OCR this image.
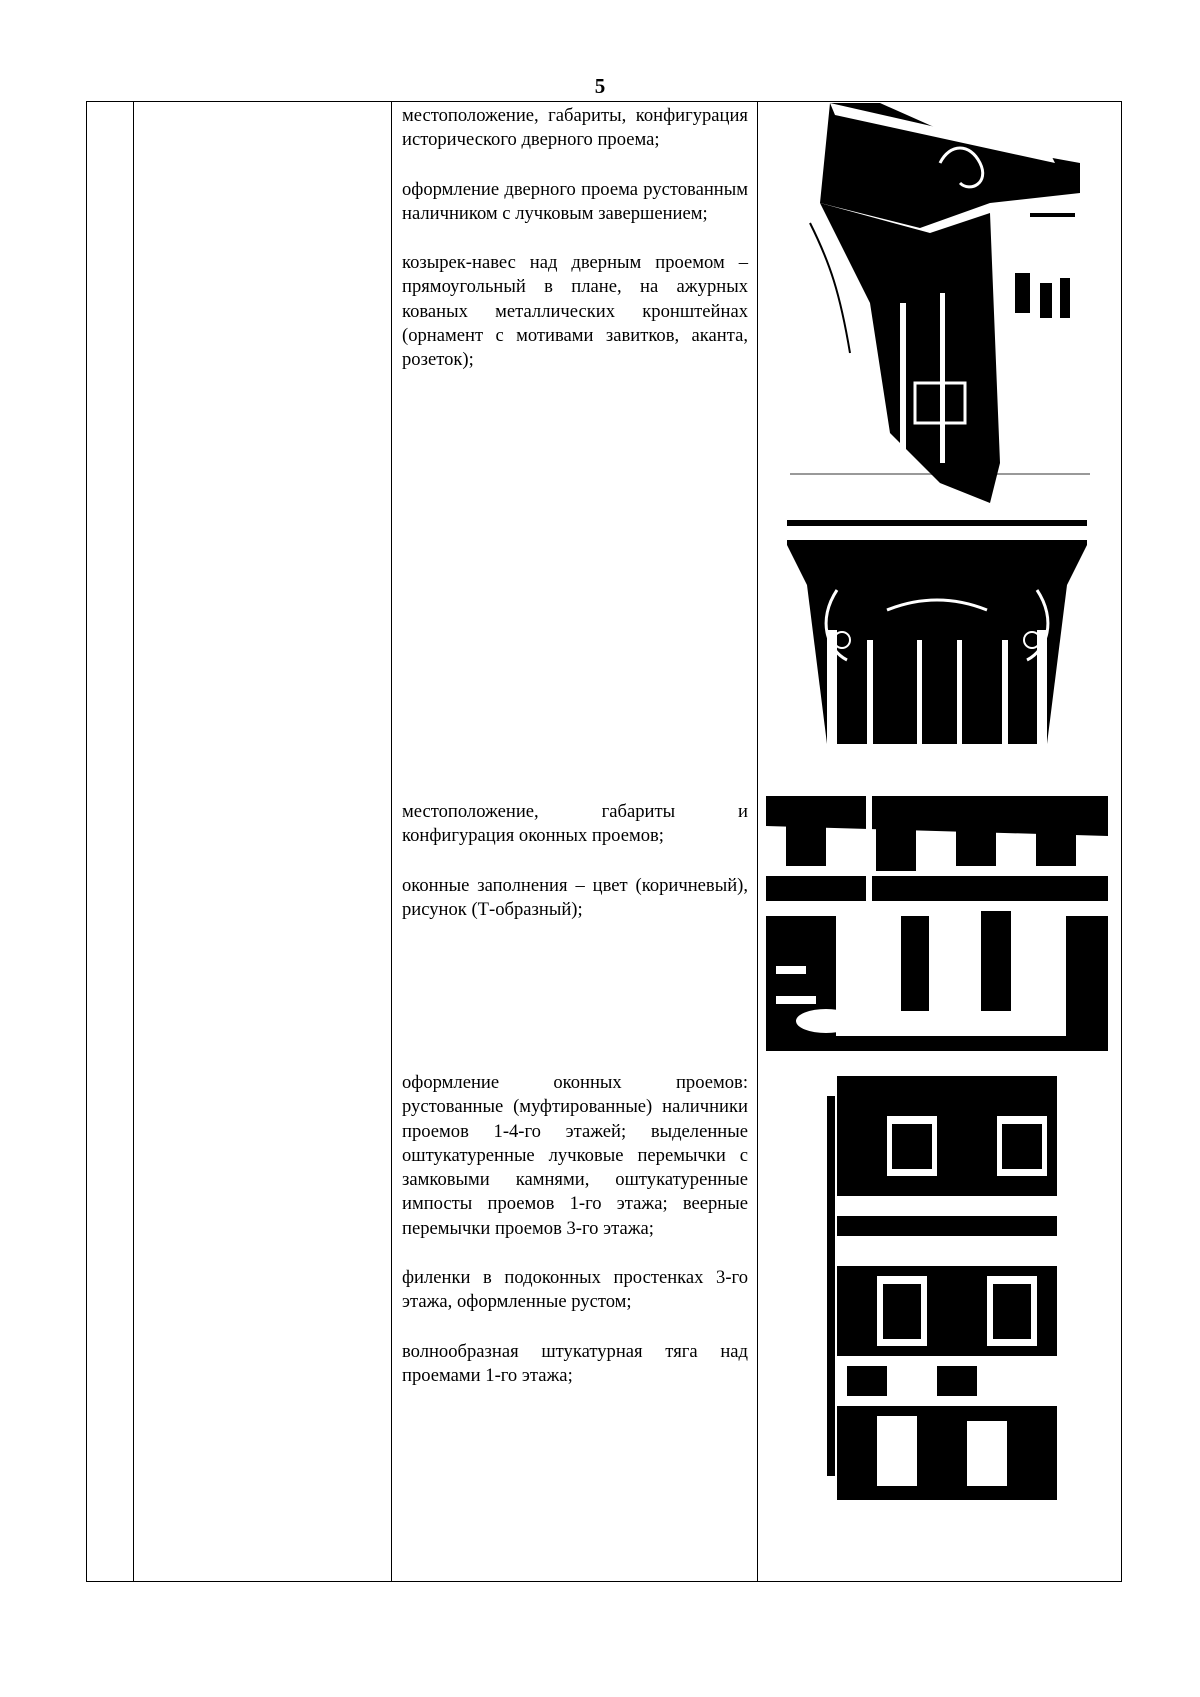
5

местоположение, габариты, конфигурация исторического дверного проема;

оформление дверного проема рустованным наличником с лучковым завершением;

козырек-навес над дверным проемом – прямоугольный в плане, на ажурных кованых металлических кронштейнах (орнамент с мотивами завитков, аканта, розеток);

местоположение, габариты и конфигурация оконных проемов;

оконные заполнения – цвет (коричневый), рисунок (Т-образный);

оформление оконных проемов: рустованные (муфтированные) наличники проемов 1-4-го этажей; выделенные оштукатуренные лучковые перемычки с замковыми камнями, оштукатуренные импосты проемов 1-го этажа; веерные перемычки проемов 3-го этажа;

филенки в подоконных простенках 3-го этажа, оформленные рустом;

волнообразная штукатурная тяга над проемами 1-го этажа;
